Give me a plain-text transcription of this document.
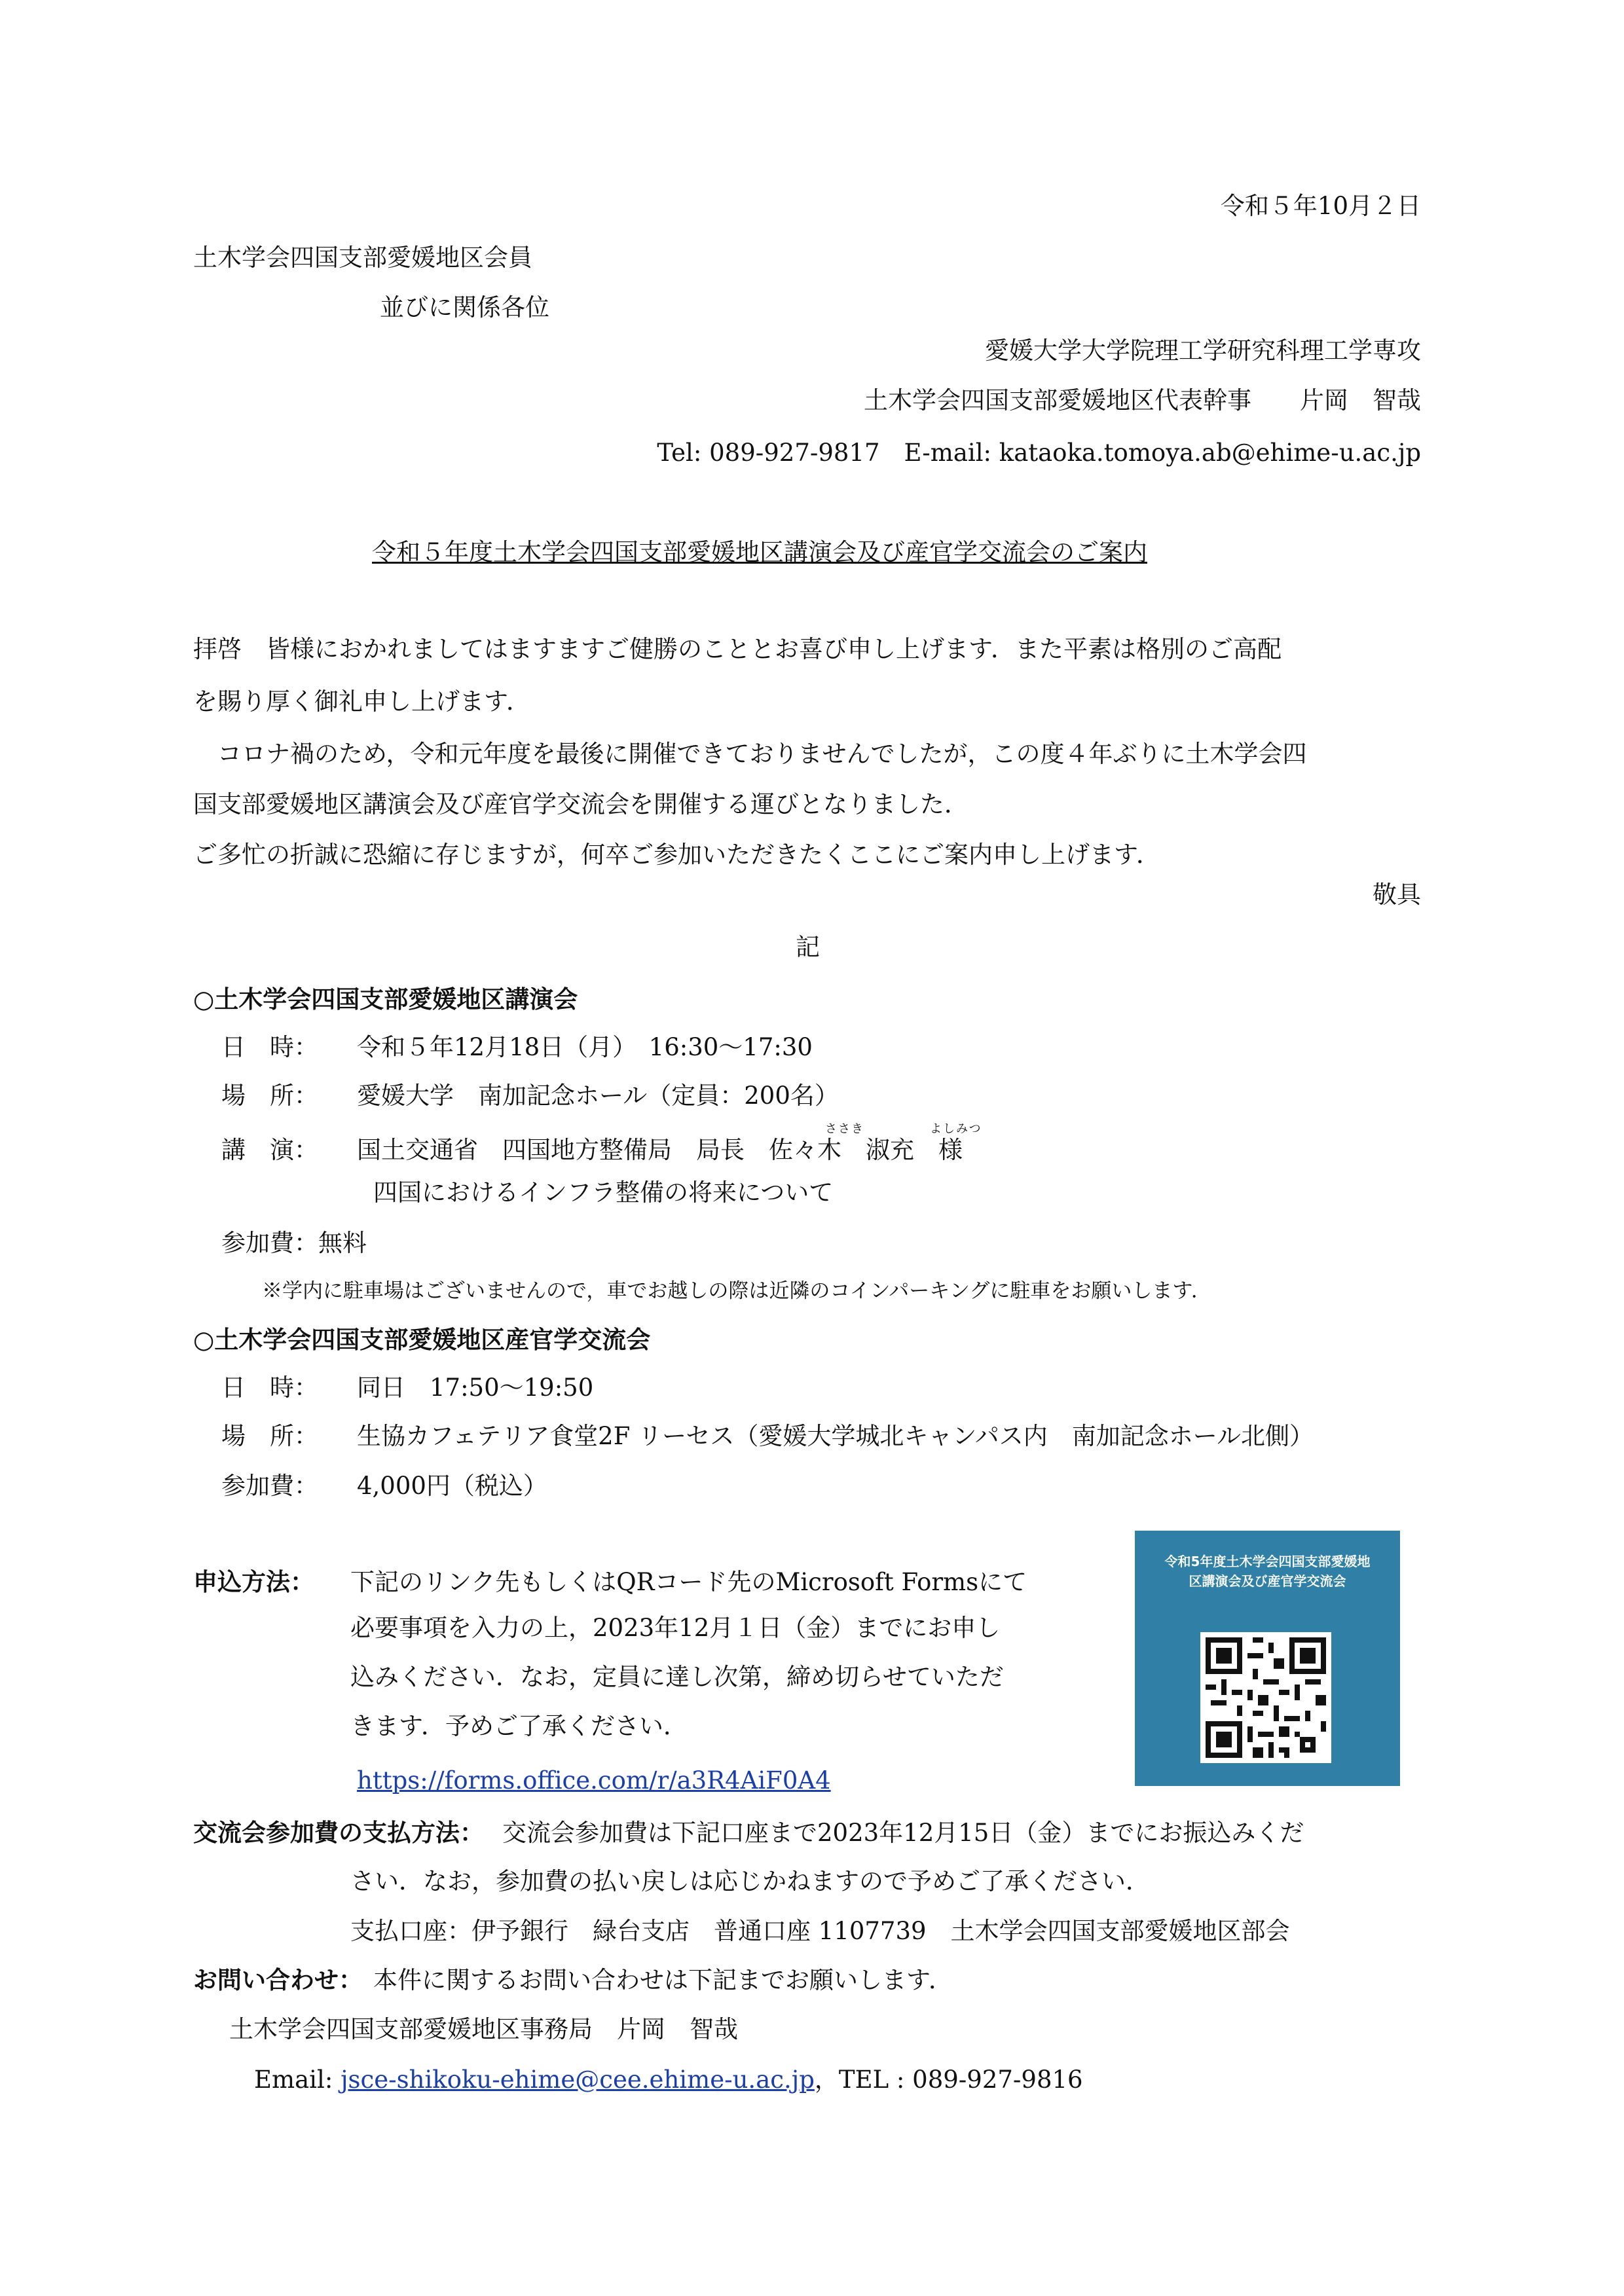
令和５年10月２日
土木学会四国支部愛媛地区会員
並びに関係各位
愛媛大学大学院理工学研究科理工学専攻
土木学会四国支部愛媛地区代表幹事　　片岡　智哉
Tel: 089-927-9817　E-mail: kataoka.tomoya.ab@ehime-u.ac.jp
令和５年度土木学会四国支部愛媛地区講演会及び産官学交流会のご案内
拝啓　皆様におかれましてはますますご健勝のこととお喜び申し上げます．また平素は格別のご高配
を賜り厚く御礼申し上げます．
　コロナ禍のため，令和元年度を最後に開催できておりませんでしたが，この度４年ぶりに土木学会四
国支部愛媛地区講演会及び産官学交流会を開催する運びとなりました．
ご多忙の折誠に恐縮に存じますが，何卒ご参加いただきたくここにご案内申し上げます．
敬具
記
○土木学会四国支部愛媛地区講演会
日　時： 令和５年12月18日（月）　16:30～17:30
場　所： 愛媛大学　南加記念ホール（定員：200名）
ささき	よしみつ
講　演： 国土交通省　四国地方整備局　局長　佐々木　淑充　様
四国におけるインフラ整備の将来について
参加費：無料
※学内に駐車場はございませんので，車でお越しの際は近隣のコインパーキングに駐車をお願いします．
○土木学会四国支部愛媛地区産官学交流会
日　時： 同日　17:50～19:50
場　所： 生協カフェテリア食堂2F リーセス（愛媛大学城北キャンパス内　南加記念ホール北側）
参加費： 4,000円（税込）
申込方法： 下記のリンク先もしくはQRコード先のMicrosoft Formsにて
必要事項を入力の上，2023年12月１日（金）までにお申し
込みください．なお，定員に達し次第，締め切らせていただ
きます．予めご了承ください．
https://forms.office.com/r/a3R4AiF0A4
令和5年度土木学会四国支部愛媛地
区講演会及び産官学交流会
交流会参加費の支払方法： 交流会参加費は下記口座まで2023年12月15日（金）までにお振込みくだ
さい．なお，参加費の払い戻しは応じかねますので予めご了承ください．
支払口座：伊予銀行　緑台支店　普通口座 1107739　土木学会四国支部愛媛地区部会
お問い合わせ： 本件に関するお問い合わせは下記までお願いします．
土木学会四国支部愛媛地区事務局　片岡　智哉
Email: jsce-shikoku-ehime@cee.ehime-u.ac.jp，TEL : 089-927-9816
